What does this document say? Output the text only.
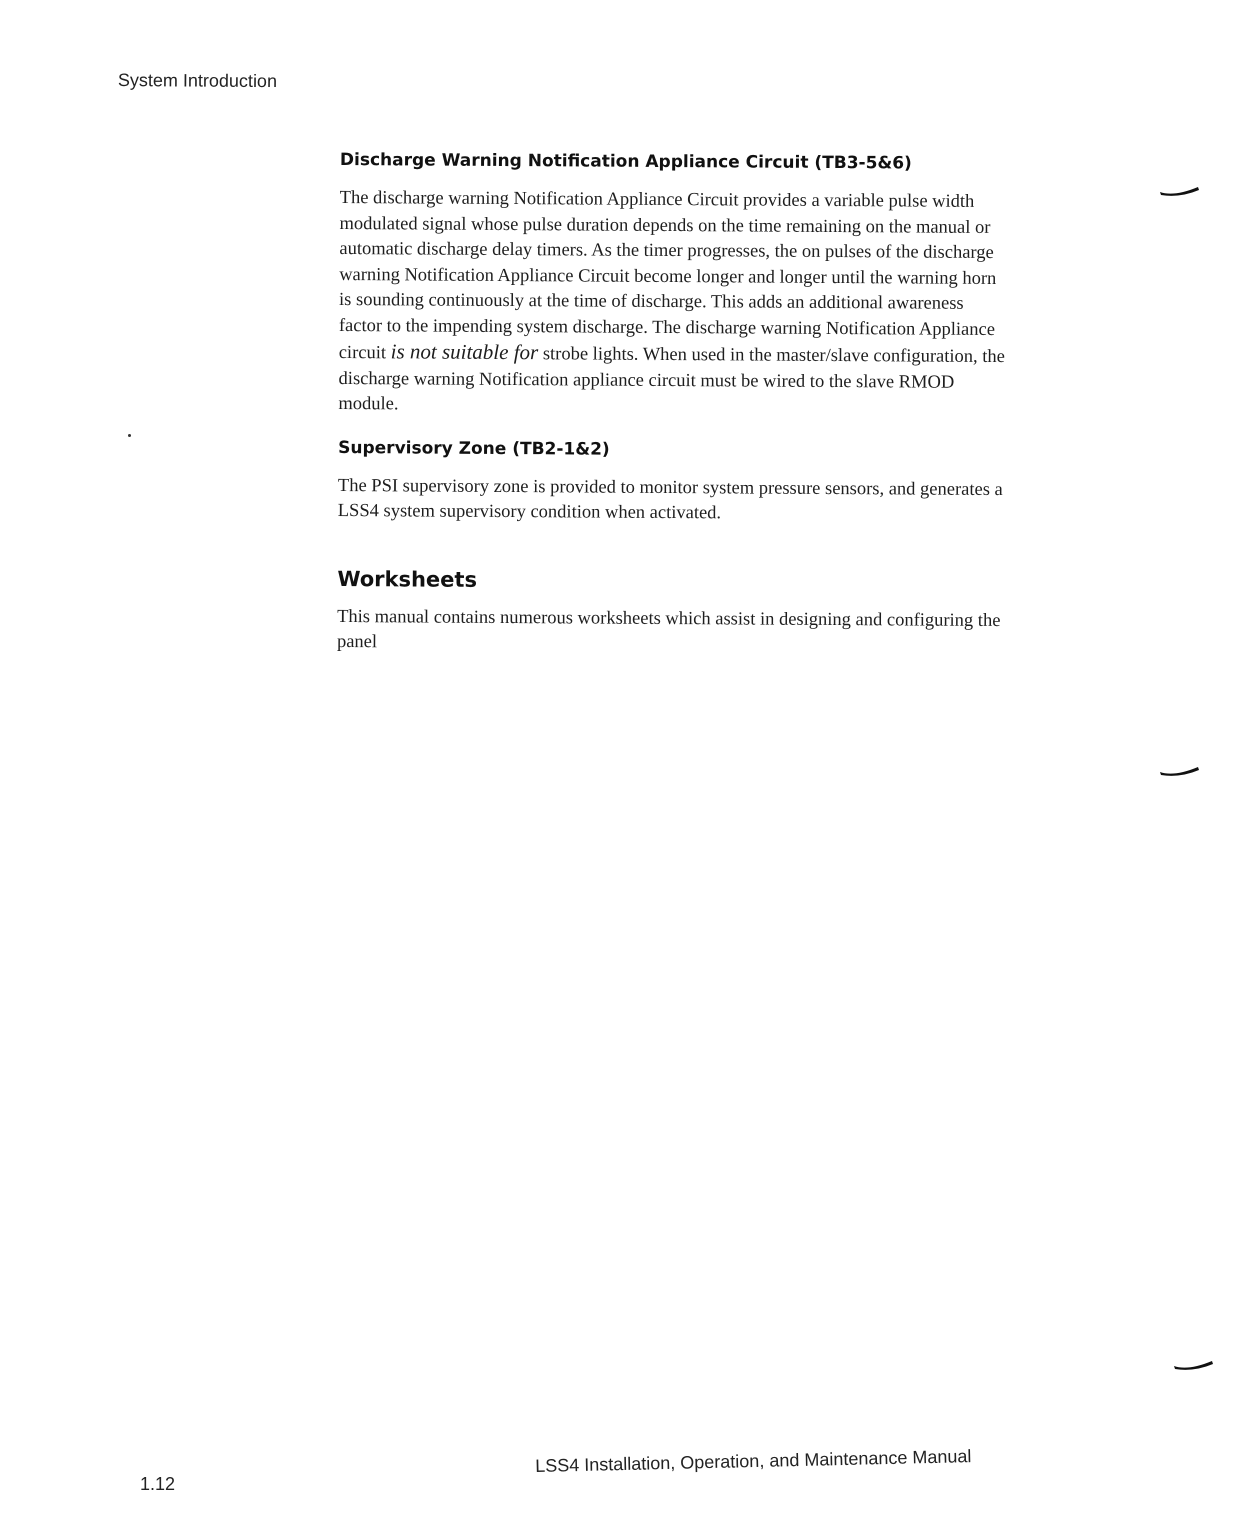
System Introduction
Discharge Warning Notification Appliance Circuit (TB3-5&6)

The discharge warning Notification Appliance Circuit provides a variable pulse width modulated signal whose pulse duration depends on the time remaining on the manual or automatic discharge delay timers. As the timer progresses, the on pulses of the discharge warning Notification Appliance Circuit become longer and longer until the warning horn is sounding continuously at the time of discharge. This adds an additional awareness factor to the impending system discharge. The discharge warning Notification Appliance circuit is not suitable for strobe lights. When used in the master/slave configuration, the discharge warning Notification appliance circuit must be wired to the slave RMOD module.

Supervisory Zone (TB2-1&2)

The PSI supervisory zone is provided to monitor system pressure sensors, and generates a LSS4 system supervisory condition when activated.

Worksheets

This manual contains numerous worksheets which assist in designing and configuring the panel

1.12
LSS4 Installation, Operation, and Maintenance Manual
